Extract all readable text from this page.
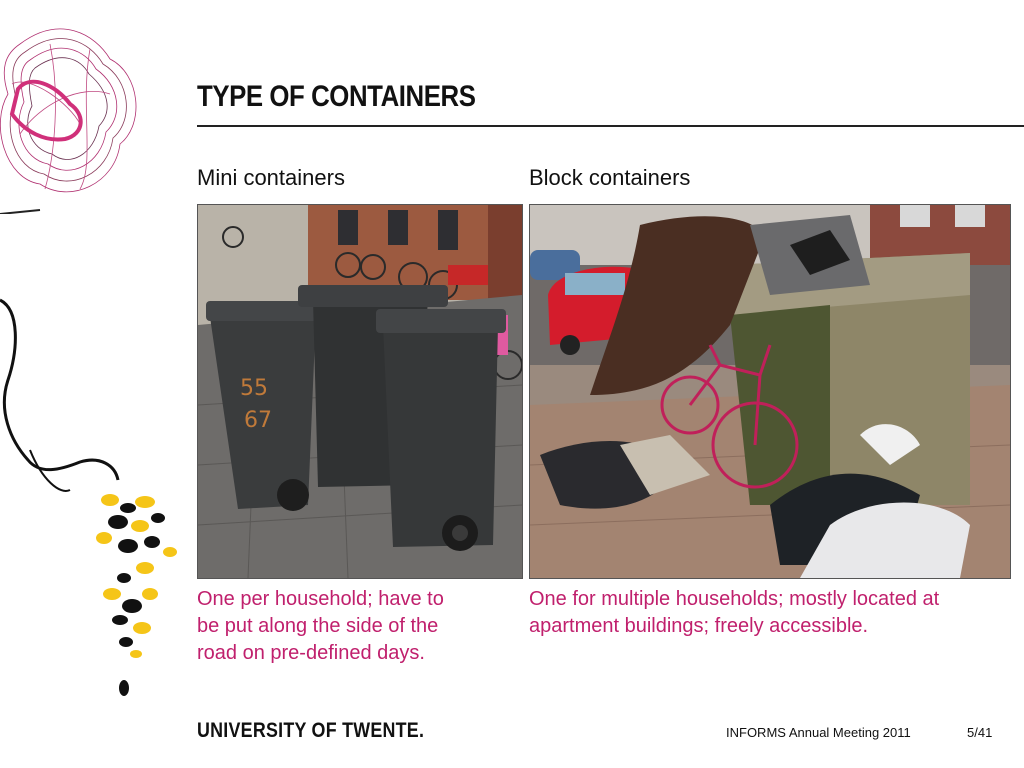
TYPE OF CONTAINERS
Mini containers
55
67
One per household; have to
be put along the side of the
road on pre-defined days.
Block containers
One for multiple households; mostly located at
apartment buildings; freely accessible.
UNIVERSITY OF TWENTE.	INFORMS Annual Meeting 2011	5/41
